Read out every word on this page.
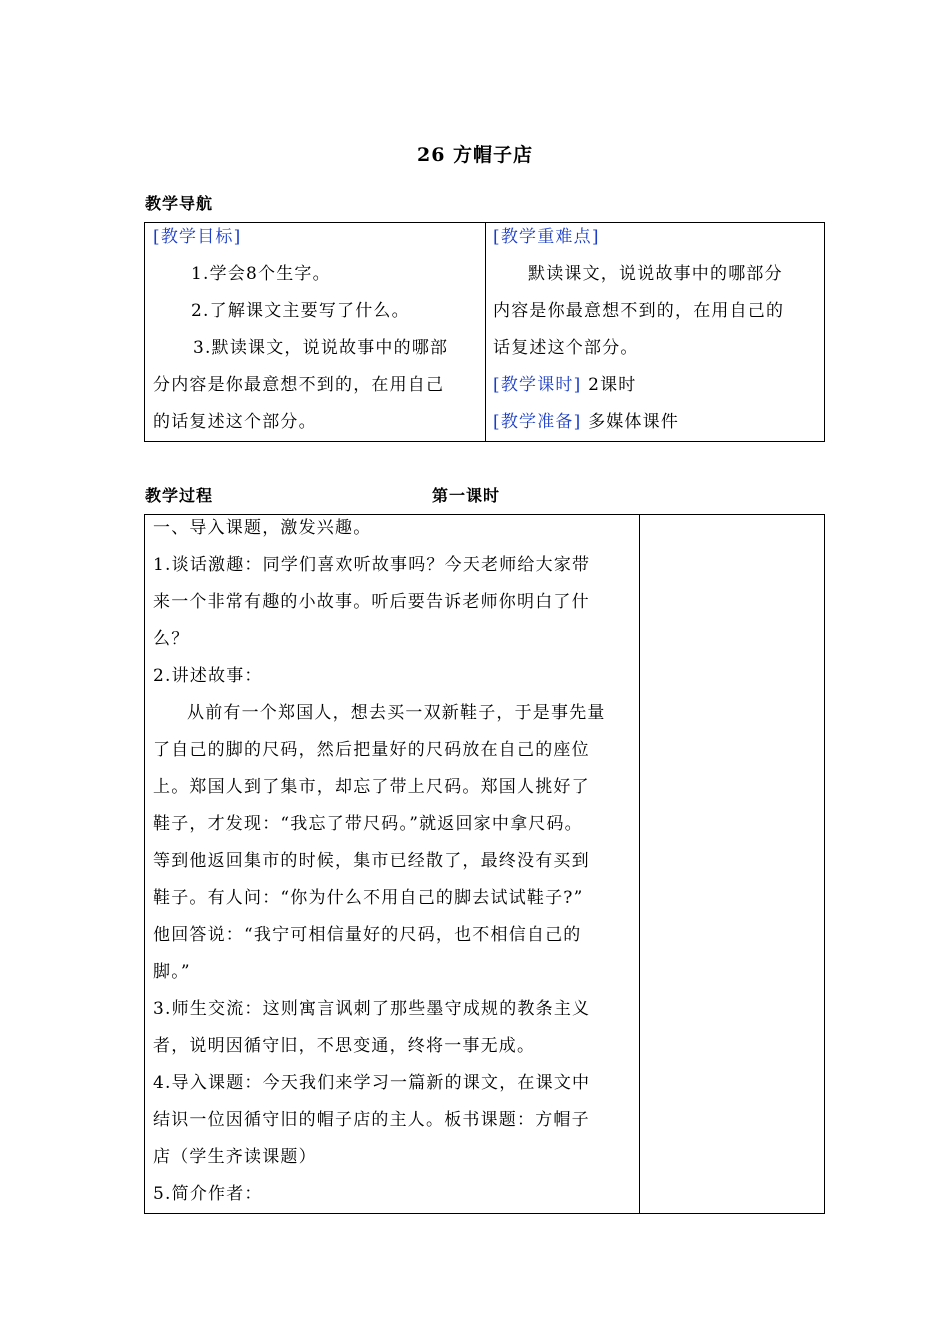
26 方帽子店
教学导航
[教学目标]
1.学会8个生字。
2.了解课文主要写了什么。
3.默读课文，说说故事中的哪部
分内容是你最意想不到的，在用自己
的话复述这个部分。
[教学重难点]
默读课文，说说故事中的哪部分
内容是你最意想不到的，在用自己的
话复述这个部分。
[教学课时] 2课时
[教学准备] 多媒体课件
教学过程	第一课时
一、导入课题，激发兴趣。
1.谈话激趣：同学们喜欢听故事吗？今天老师给大家带
来一个非常有趣的小故事。听后要告诉老师你明白了什
么？
2.讲述故事：
从前有一个郑国人，想去买一双新鞋子，于是事先量
了自己的脚的尺码，然后把量好的尺码放在自己的座位
上。郑国人到了集市，却忘了带上尺码。郑国人挑好了
鞋子，才发现：“我忘了带尺码。”就返回家中拿尺码。
等到他返回集市的时候，集市已经散了，最终没有买到
鞋子。有人问：“你为什么不用自己的脚去试试鞋子?”
他回答说：“我宁可相信量好的尺码，也不相信自己的
脚。”
3.师生交流：这则寓言讽刺了那些墨守成规的教条主义
者，说明因循守旧，不思变通，终将一事无成。
4.导入课题：今天我们来学习一篇新的课文，在课文中
结识一位因循守旧的帽子店的主人。板书课题：方帽子
店（学生齐读课题）
5.简介作者：
